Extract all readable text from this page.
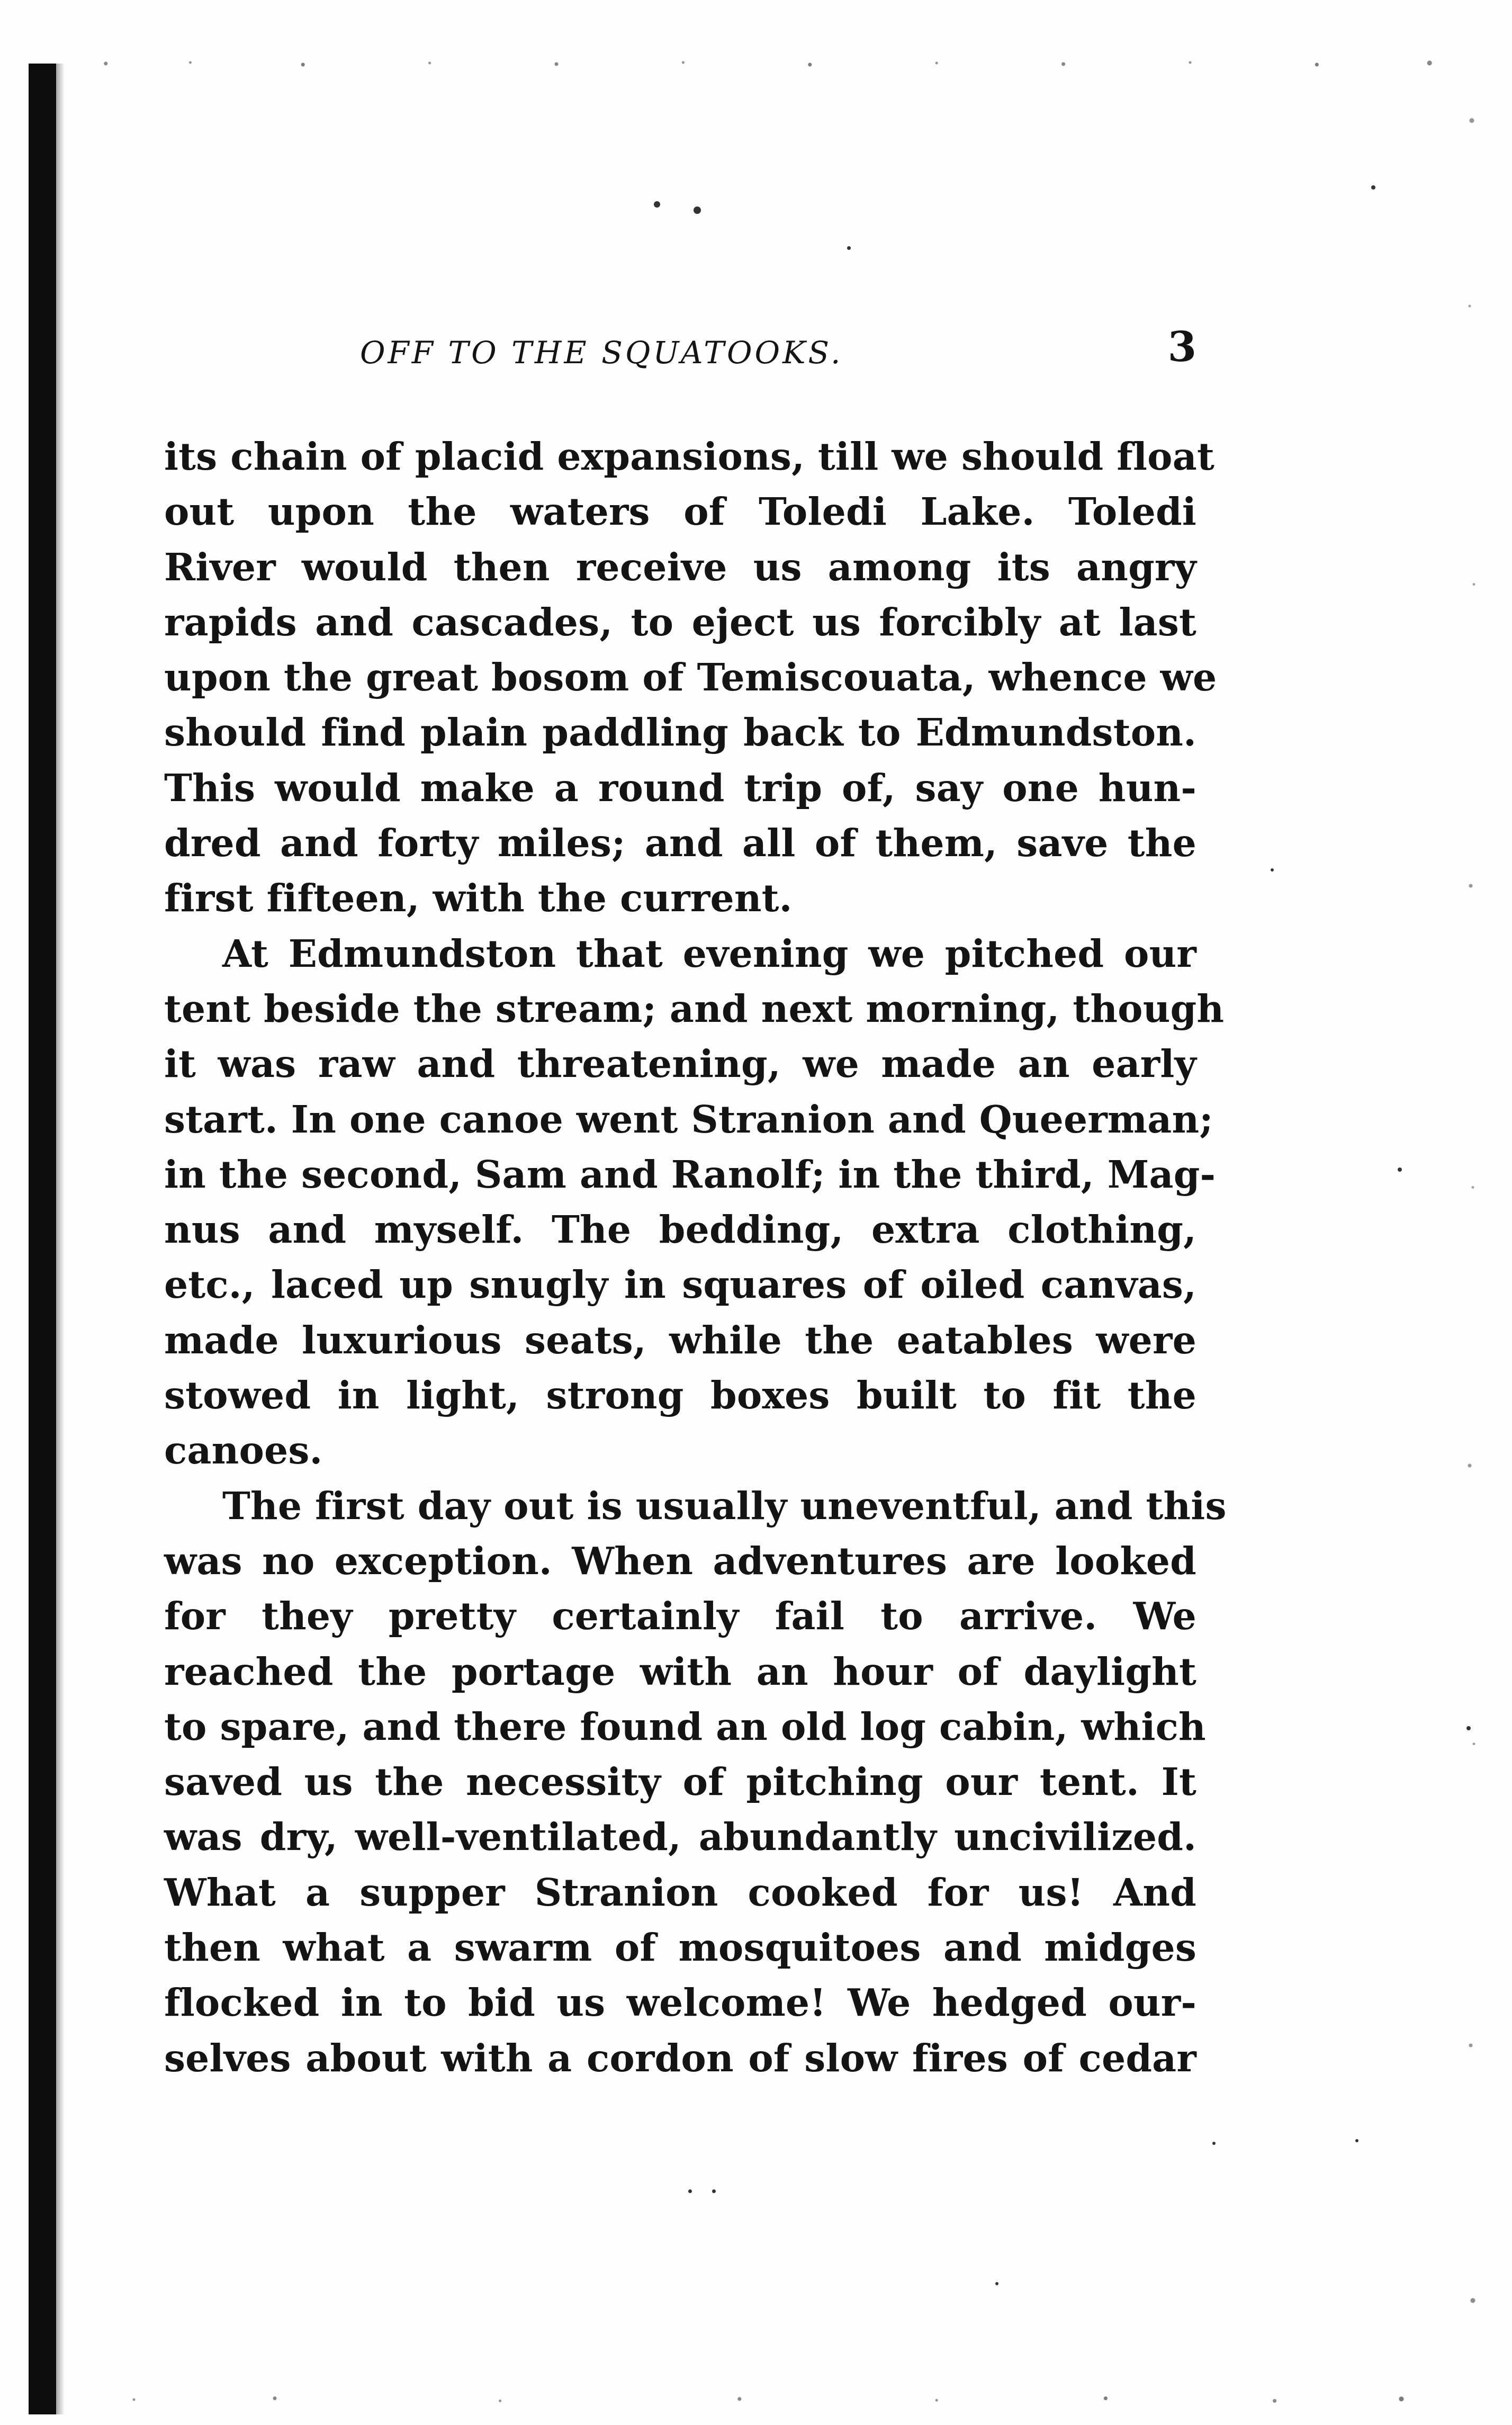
OFF TO THE SQUATOOKS.	3
its chain of placid expansions, till we should float
out upon the waters of Toledi Lake. Toledi
River would then receive us among its angry
rapids and cascades, to eject us forcibly at last
upon the great bosom of Temiscouata, whence we
should find plain paddling back to Edmundston.
This would make a round trip of, say one hun-
dred and forty miles; and all of them, save the
first fifteen, with the current.
At Edmundston that evening we pitched our
tent beside the stream; and next morning, though
it was raw and threatening, we made an early
start. In one canoe went Stranion and Queerman;
in the second, Sam and Ranolf; in the third, Mag-
nus and myself. The bedding, extra clothing,
etc., laced up snugly in squares of oiled canvas,
made luxurious seats, while the eatables were
stowed in light, strong boxes built to fit the
canoes.
The first day out is usually uneventful, and this
was no exception. When adventures are looked
for they pretty certainly fail to arrive. We
reached the portage with an hour of daylight
to spare, and there found an old log cabin, which
saved us the necessity of pitching our tent. It
was dry, well-ventilated, abundantly uncivilized.
What a supper Stranion cooked for us! And
then what a swarm of mosquitoes and midges
flocked in to bid us welcome! We hedged our-
selves about with a cordon of slow fires of cedar
